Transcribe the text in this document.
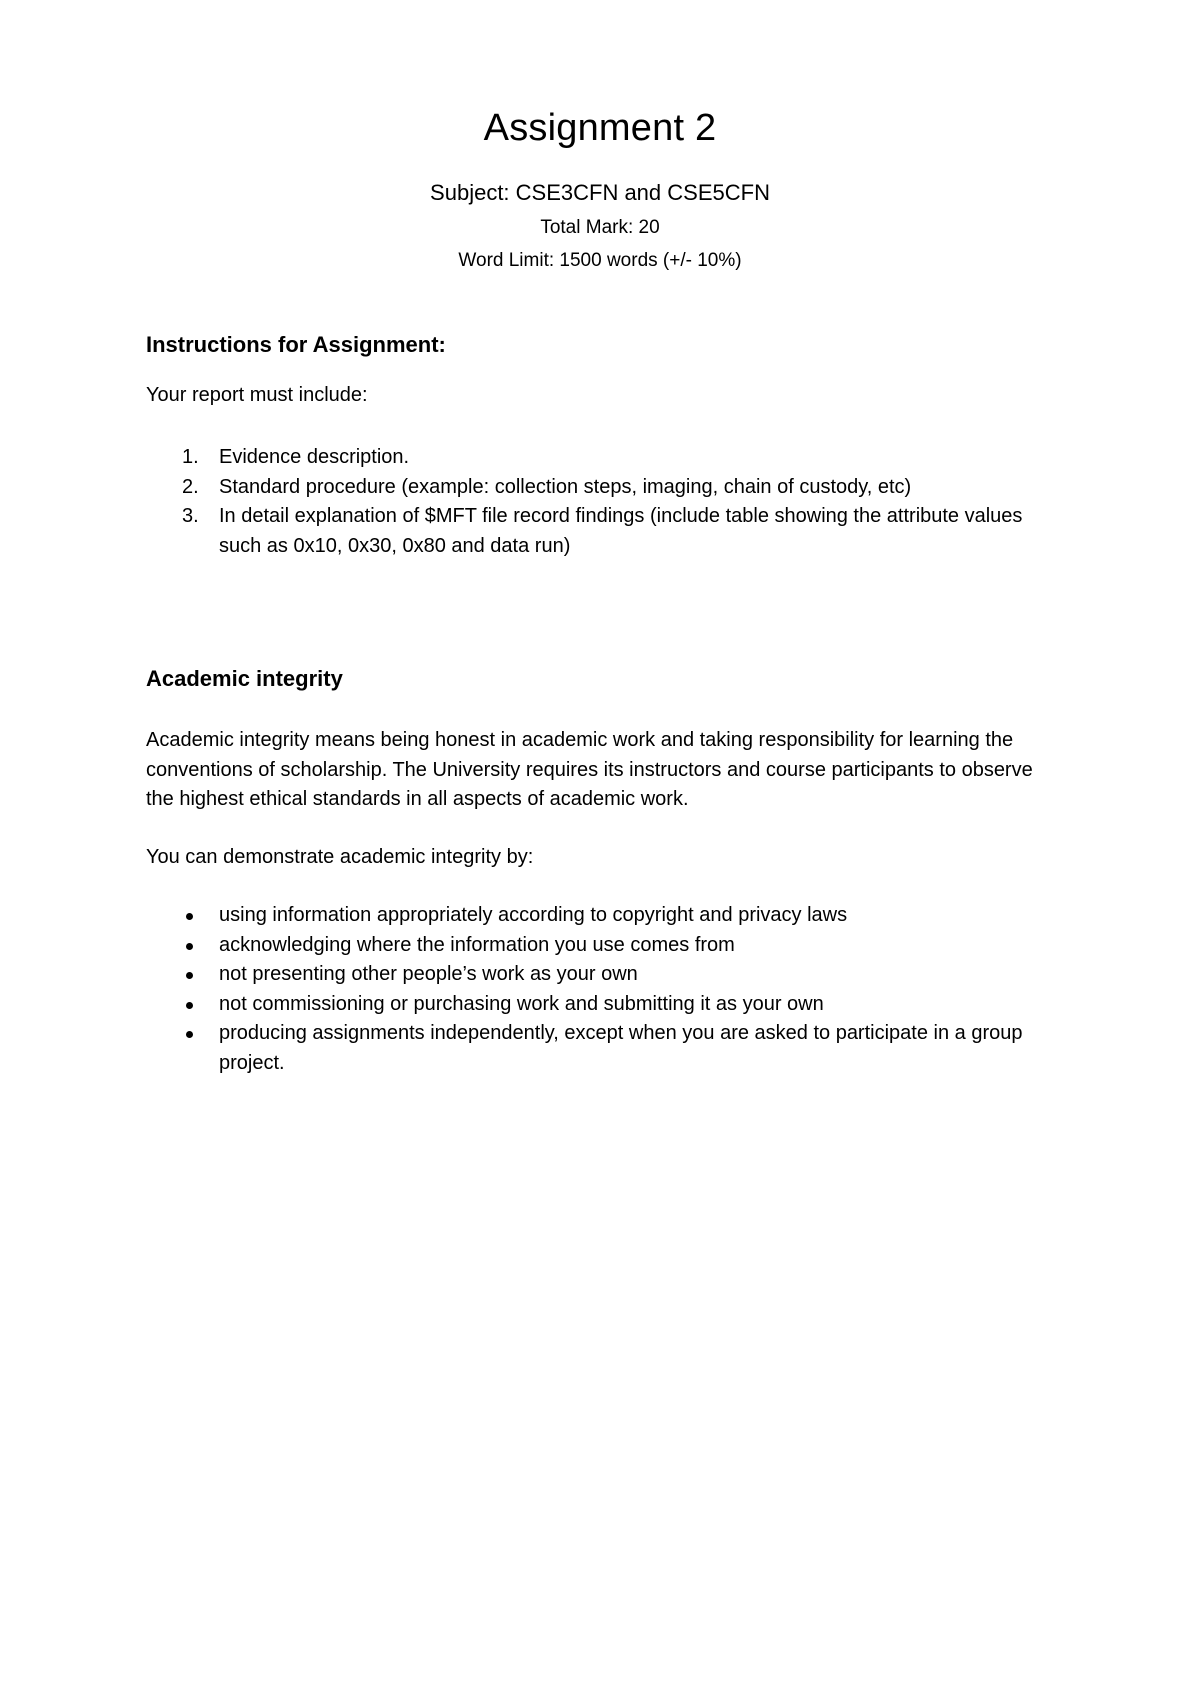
Assignment 2
Subject: CSE3CFN and CSE5CFN
Total Mark: 20
Word Limit: 1500 words (+/- 10%)
Instructions for Assignment:

Your report must include:

1. Evidence description.
2. Standard procedure (example: collection steps, imaging, chain of custody, etc)
3. In detail explanation of $MFT file record findings (include table showing the attribute values such as 0x10, 0x30, 0x80 and data run)
Academic integrity

Academic integrity means being honest in academic work and taking responsibility for learning the conventions of scholarship. The University requires its instructors and course participants to observe the highest ethical standards in all aspects of academic work.

You can demonstrate academic integrity by:

using information appropriately according to copyright and privacy laws
acknowledging where the information you use comes from
not presenting other people’s work as your own
not commissioning or purchasing work and submitting it as your own
producing assignments independently, except when you are asked to participate in a group project.
